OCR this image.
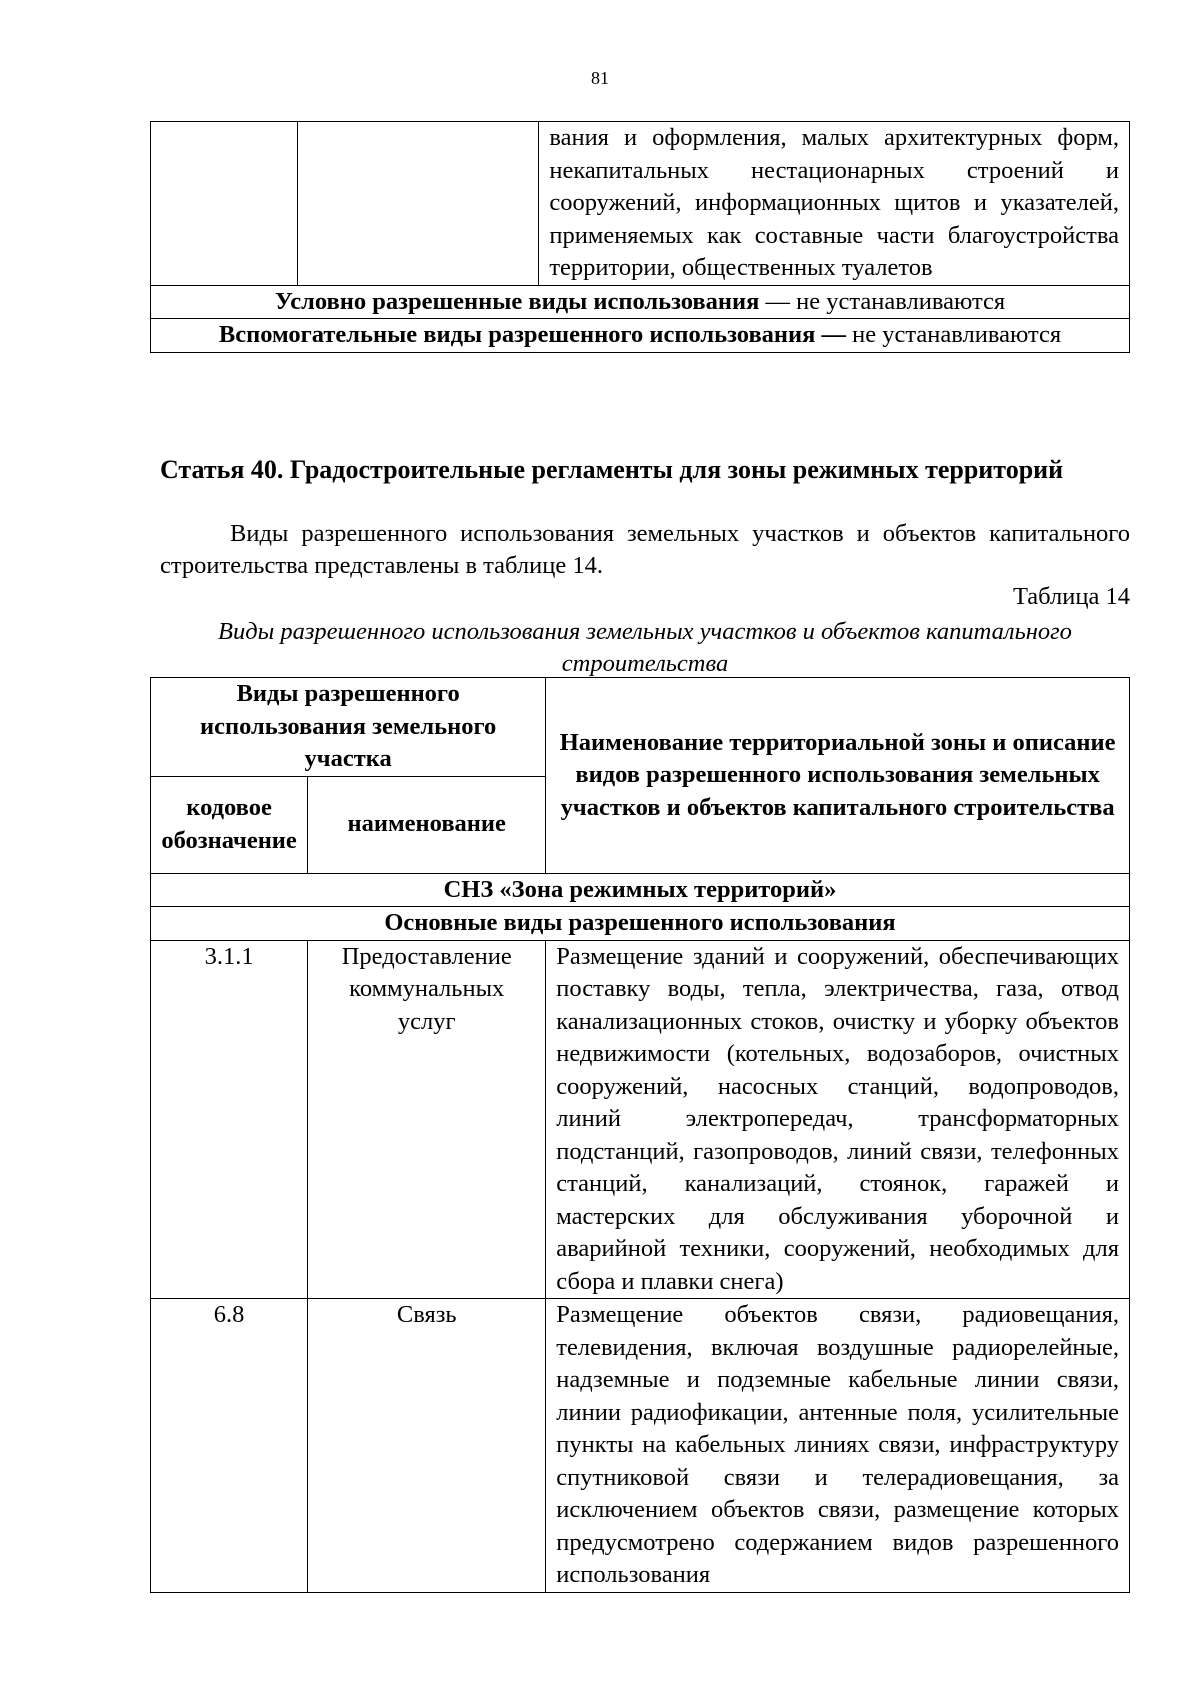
81
		вания и оформления, малых архитектурных форм, некапитальных нестационарных строений и сооружений, информационных щитов и указателей, применяемых как составные части благоустройства территории, общественных туалетов
Условно разрешенные виды использования — не устанавливаются
Вспомогательные виды разрешенного использования — не устанавливаются
Статья 40. Градостроительные регламенты для зоны режимных территорий
Виды разрешенного использования земельных участков и объектов капитального строительства представлены в таблице 14.
Таблица 14
Виды разрешенного использования земельных участков и объектов капитального строительства
Виды разрешенного использования земельного участка		Наименование территориальной зоны и описание видов разрешенного использования земельных участков и объектов капитального строительства
кодовое обозначение	наименование	
СНЗ «Зона режимных территорий»		
Основные виды разрешенного использования		
3.1.1	Предоставление коммунальных услуг	Размещение зданий и сооружений, обеспечивающих поставку воды, тепла, электричества, газа, отвод канализационных стоков, очистку и уборку объектов недвижимости (котельных, водозаборов, очистных сооружений, насосных станций, водопроводов, линий электропередач, трансформаторных подстанций, газопроводов, линий связи, телефонных станций, канализаций, стоянок, гаражей и мастерских для обслуживания уборочной и аварийной техники, сооружений, необходимых для сбора и плавки снега)
6.8	Связь	Размещение объектов связи, радиовещания, телевидения, включая воздушные радиорелейные, надземные и подземные кабельные линии связи, линии радиофикации, антенные поля, усилительные пункты на кабельных линиях связи, инфраструктуру спутниковой связи и телерадиовещания, за исключением объектов связи, размещение которых предусмотрено содержанием видов разрешенного использования
